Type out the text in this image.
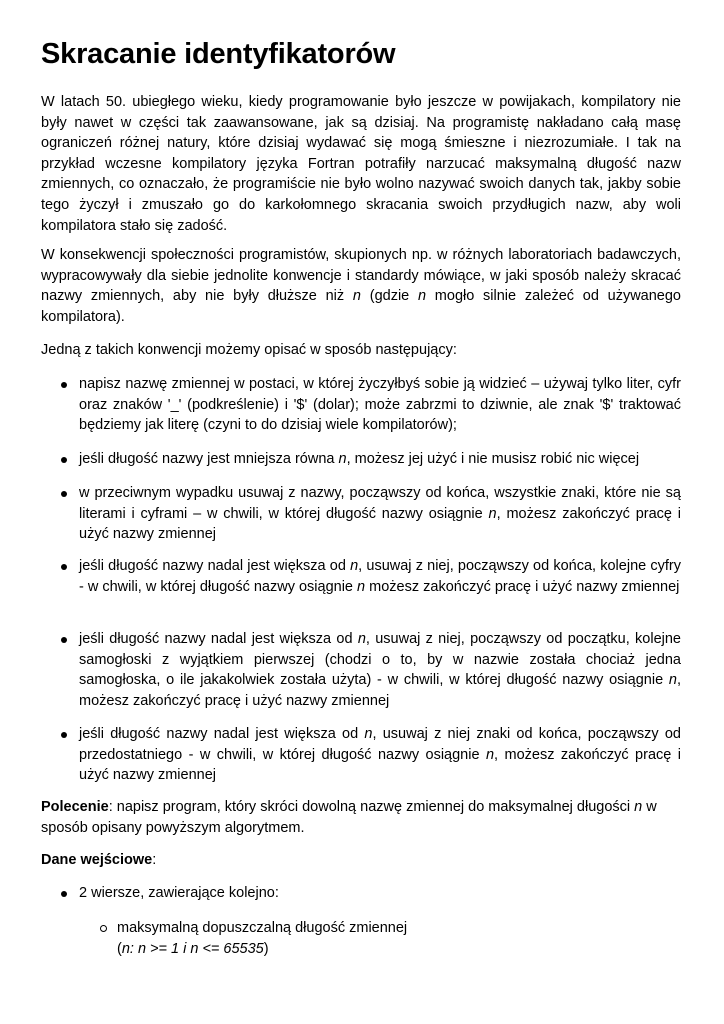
Skracanie identyfikatorów

W latach 50. ubiegłego wieku, kiedy programowanie było jeszcze w powijakach, kompilatory nie były nawet w części tak zaawansowane, jak są dzisiaj. Na programistę nakładano całą masę ograniczeń różnej natury, które dzisiaj wydawać się mogą śmieszne i niezrozumiałe. I tak na przykład wczesne kompilatory języka Fortran potrafiły narzucać maksymalną długość nazw zmiennych, co oznaczało, że programiście nie było wolno nazywać swoich danych tak, jakby sobie tego życzył i zmuszało go do karkołomnego skracania swoich przydługich nazw, aby woli kompilatora stało się zadość.

W konsekwencji społeczności programistów, skupionych np. w różnych laboratoriach badawczych, wypracowywały dla siebie jednolite konwencje i standardy mówiące, w jaki sposób należy skracać nazwy zmiennych, aby nie były dłuższe niż n (gdzie n mogło silnie zależeć od używanego kompilatora).

Jedną z takich konwencji możemy opisać w sposób następujący:

napisz nazwę zmiennej w postaci, w której życzyłbyś sobie ją widzieć – używaj tylko liter, cyfr oraz znaków '_' (podkreślenie) i '$' (dolar); może zabrzmi to dziwnie, ale znak '$' traktować będziemy jak literę (czyni to do dzisiaj wiele kompilatorów);

jeśli długość nazwy jest mniejsza równa n, możesz jej użyć i nie musisz robić nic więcej

w przeciwnym wypadku usuwaj z nazwy, począwszy od końca, wszystkie znaki, które nie są literami i cyframi – w chwili, w której długość nazwy osiągnie n, możesz zakończyć pracę i użyć nazwy zmiennej

jeśli długość nazwy nadal jest większa od n, usuwaj z niej, począwszy od końca, kolejne cyfry - w chwili, w której długość nazwy osiągnie n możesz zakończyć pracę i użyć nazwy zmiennej

jeśli długość nazwy nadal jest większa od n, usuwaj z niej, począwszy od początku, kolejne samogłoski z wyjątkiem pierwszej (chodzi o to, by w nazwie została chociaż jedna samogłoska, o ile jakakolwiek została użyta) - w chwili, w której długość nazwy osiągnie n, możesz zakończyć pracę i użyć nazwy zmiennej

jeśli długość nazwy nadal jest większa od n, usuwaj z niej znaki od końca, począwszy od przedostatniego - w chwili, w której długość nazwy osiągnie n, możesz zakończyć pracę i użyć nazwy zmiennej

Polecenie: napisz program, który skróci dowolną nazwę zmiennej do maksymalnej długości n w sposób opisany powyższym algorytmem.

Dane wejściowe:

2 wiersze, zawierające kolejno:

maksymalną dopuszczalną długość zmiennej
(n: n >= 1 i n <= 65535)
